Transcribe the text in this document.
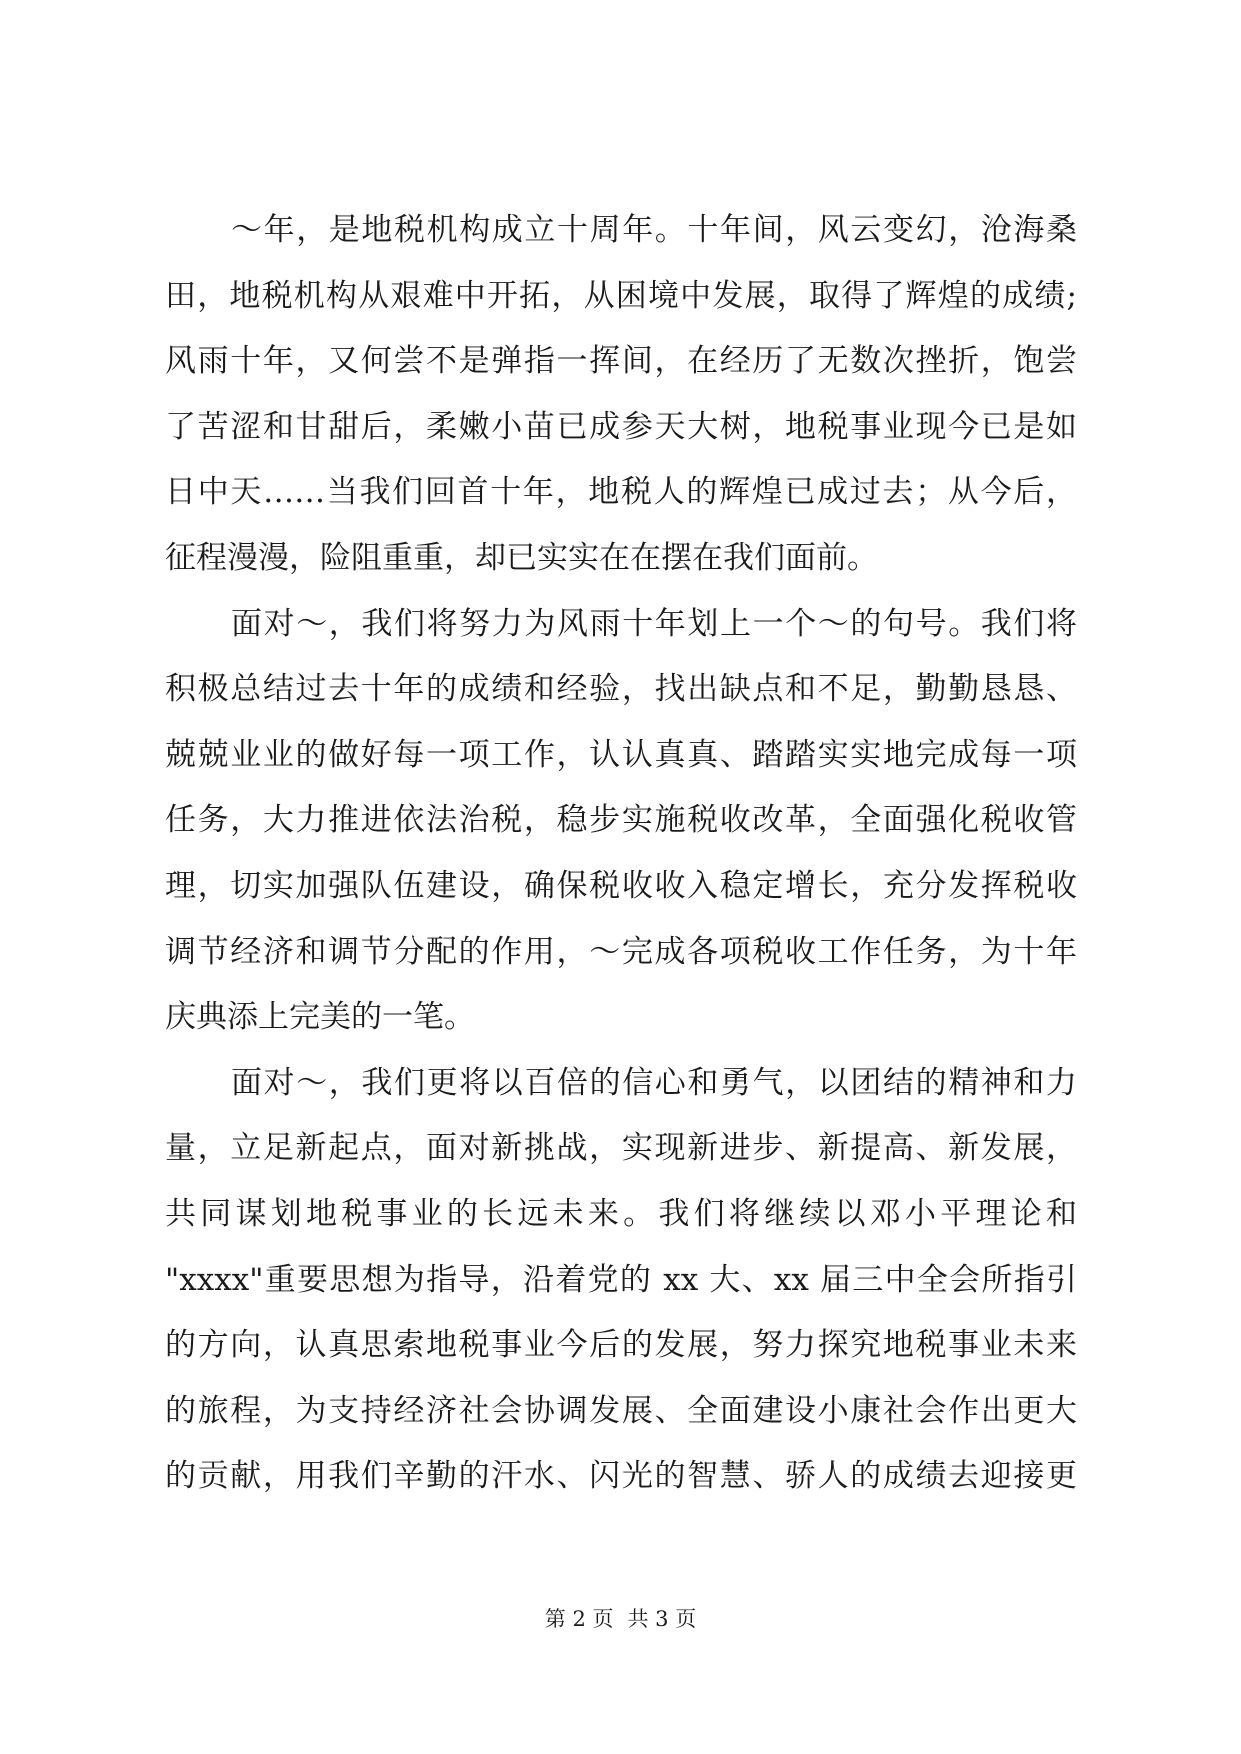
～年，是地税机构成立十周年。十年间，风云变幻，沧海桑
田，地税机构从艰难中开拓，从困境中发展，取得了辉煌的成绩;
风雨十年，又何尝不是弹指一挥间，在经历了无数次挫折，饱尝
了苦涩和甘甜后，柔嫩小苗已成参天大树，地税事业现今已是如
日中天……当我们回首十年，地税人的辉煌已成过去；从今后，
征程漫漫，险阻重重，却已实实在在摆在我们面前。
面对～，我们将努力为风雨十年划上一个～的句号。我们将
积极总结过去十年的成绩和经验，找出缺点和不足，勤勤恳恳、
兢兢业业的做好每一项工作，认认真真、踏踏实实地完成每一项
任务，大力推进依法治税，稳步实施税收改革，全面强化税收管
理，切实加强队伍建设，确保税收收入稳定增长，充分发挥税收
调节经济和调节分配的作用，～完成各项税收工作任务，为十年
庆典添上完美的一笔。
面对～，我们更将以百倍的信心和勇气，以团结的精神和力
量，立足新起点，面对新挑战，实现新进步、新提高、新发展，
共同谋划地税事业的长远未来。我们将继续以邓小平理论和
"xxxx"重要思想为指导，沿着党的 xx 大、xx 届三中全会所指引
的方向，认真思索地税事业今后的发展，努力探究地税事业未来
的旅程，为支持经济社会协调发展、全面建设小康社会作出更大
的贡献，用我们辛勤的汗水、闪光的智慧、骄人的成绩去迎接更
第 2 页 共 3 页
